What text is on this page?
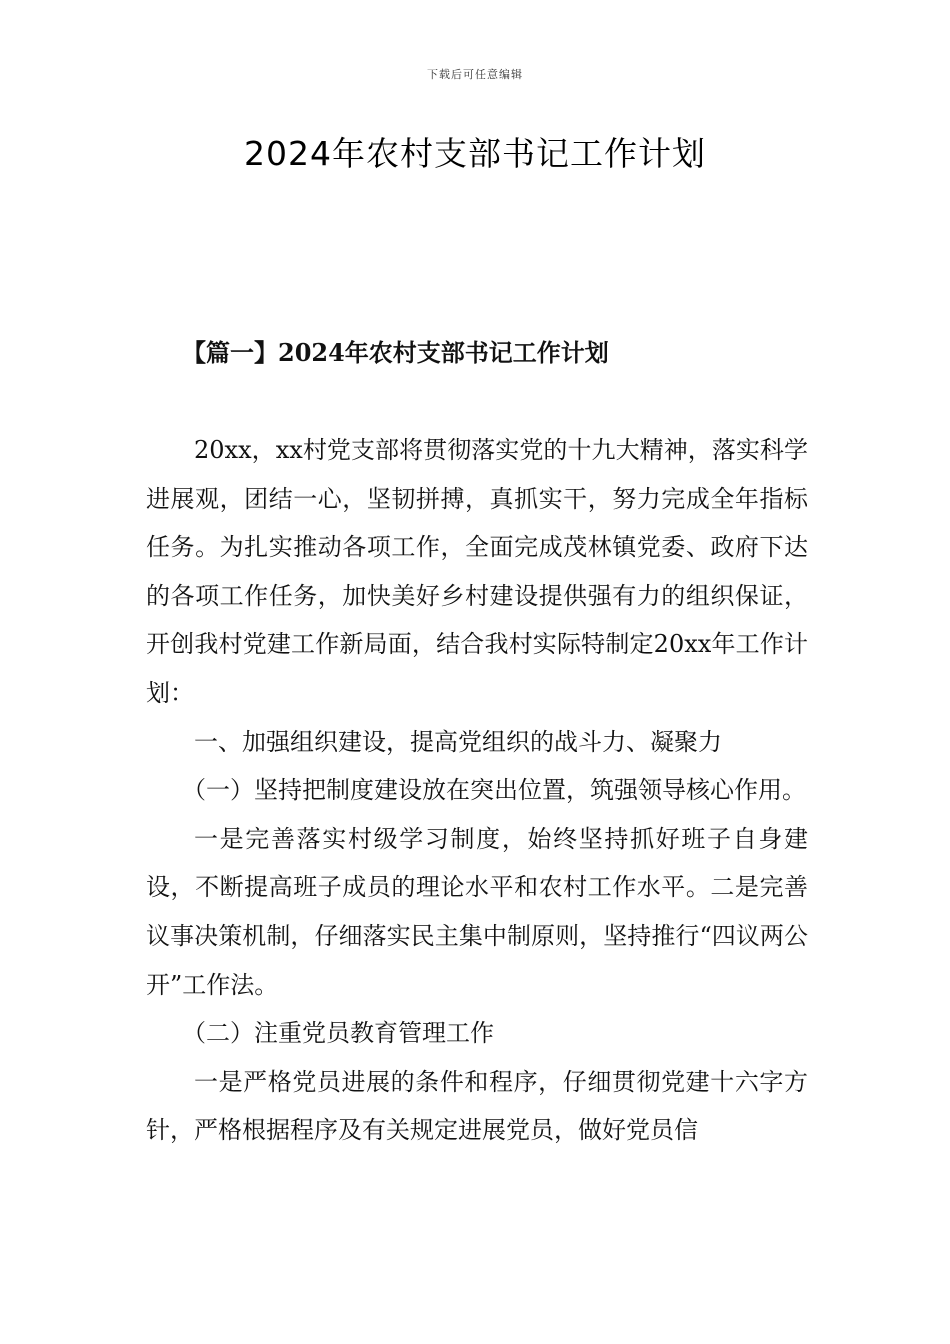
下载后可任意编辑
2024年农村支部书记工作计划
【篇一】2024年农村支部书记工作计划

20xx，xx村党支部将贯彻落实党的十九大精神，落实科学进展观，团结一心，坚韧拼搏，真抓实干，努力完成全年指标任务。为扎实推动各项工作，全面完成茂林镇党委、政府下达的各项工作任务，加快美好乡村建设提供强有力的组织保证，开创我村党建工作新局面，结合我村实际特制定20xx年工作计划：

一、加强组织建设，提高党组织的战斗力、凝聚力

（一）坚持把制度建设放在突出位置，筑强领导核心作用。

一是完善落实村级学习制度，始终坚持抓好班子自身建设，不断提高班子成员的理论水平和农村工作水平。二是完善议事决策机制，仔细落实民主集中制原则，坚持推行“四议两公开”工作法。

（二）注重党员教育管理工作

一是严格党员进展的条件和程序，仔细贯彻党建十六字方针，严格根据程序及有关规定进展党员，做好党员信
